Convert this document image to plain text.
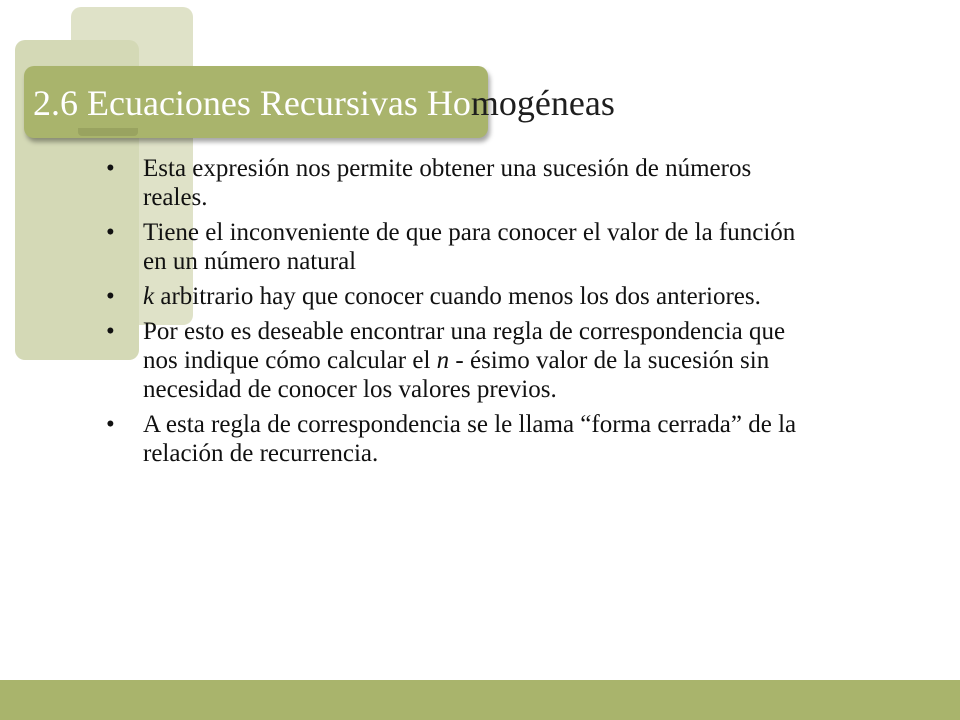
2.6 Ecuaciones Recursivas Homogéneas
• Esta expresión nos permite obtener una sucesión de números reales.
• Tiene el inconveniente de que para conocer el valor de la función en un número natural
• k arbitrario hay que conocer cuando menos los dos anteriores.
• Por esto es deseable encontrar una regla de correspondencia que nos indique cómo calcular el n - ésimo valor de la sucesión sin necesidad de conocer los valores previos.
• A esta regla de correspondencia se le llama “forma cerrada” de la relación de recurrencia.
